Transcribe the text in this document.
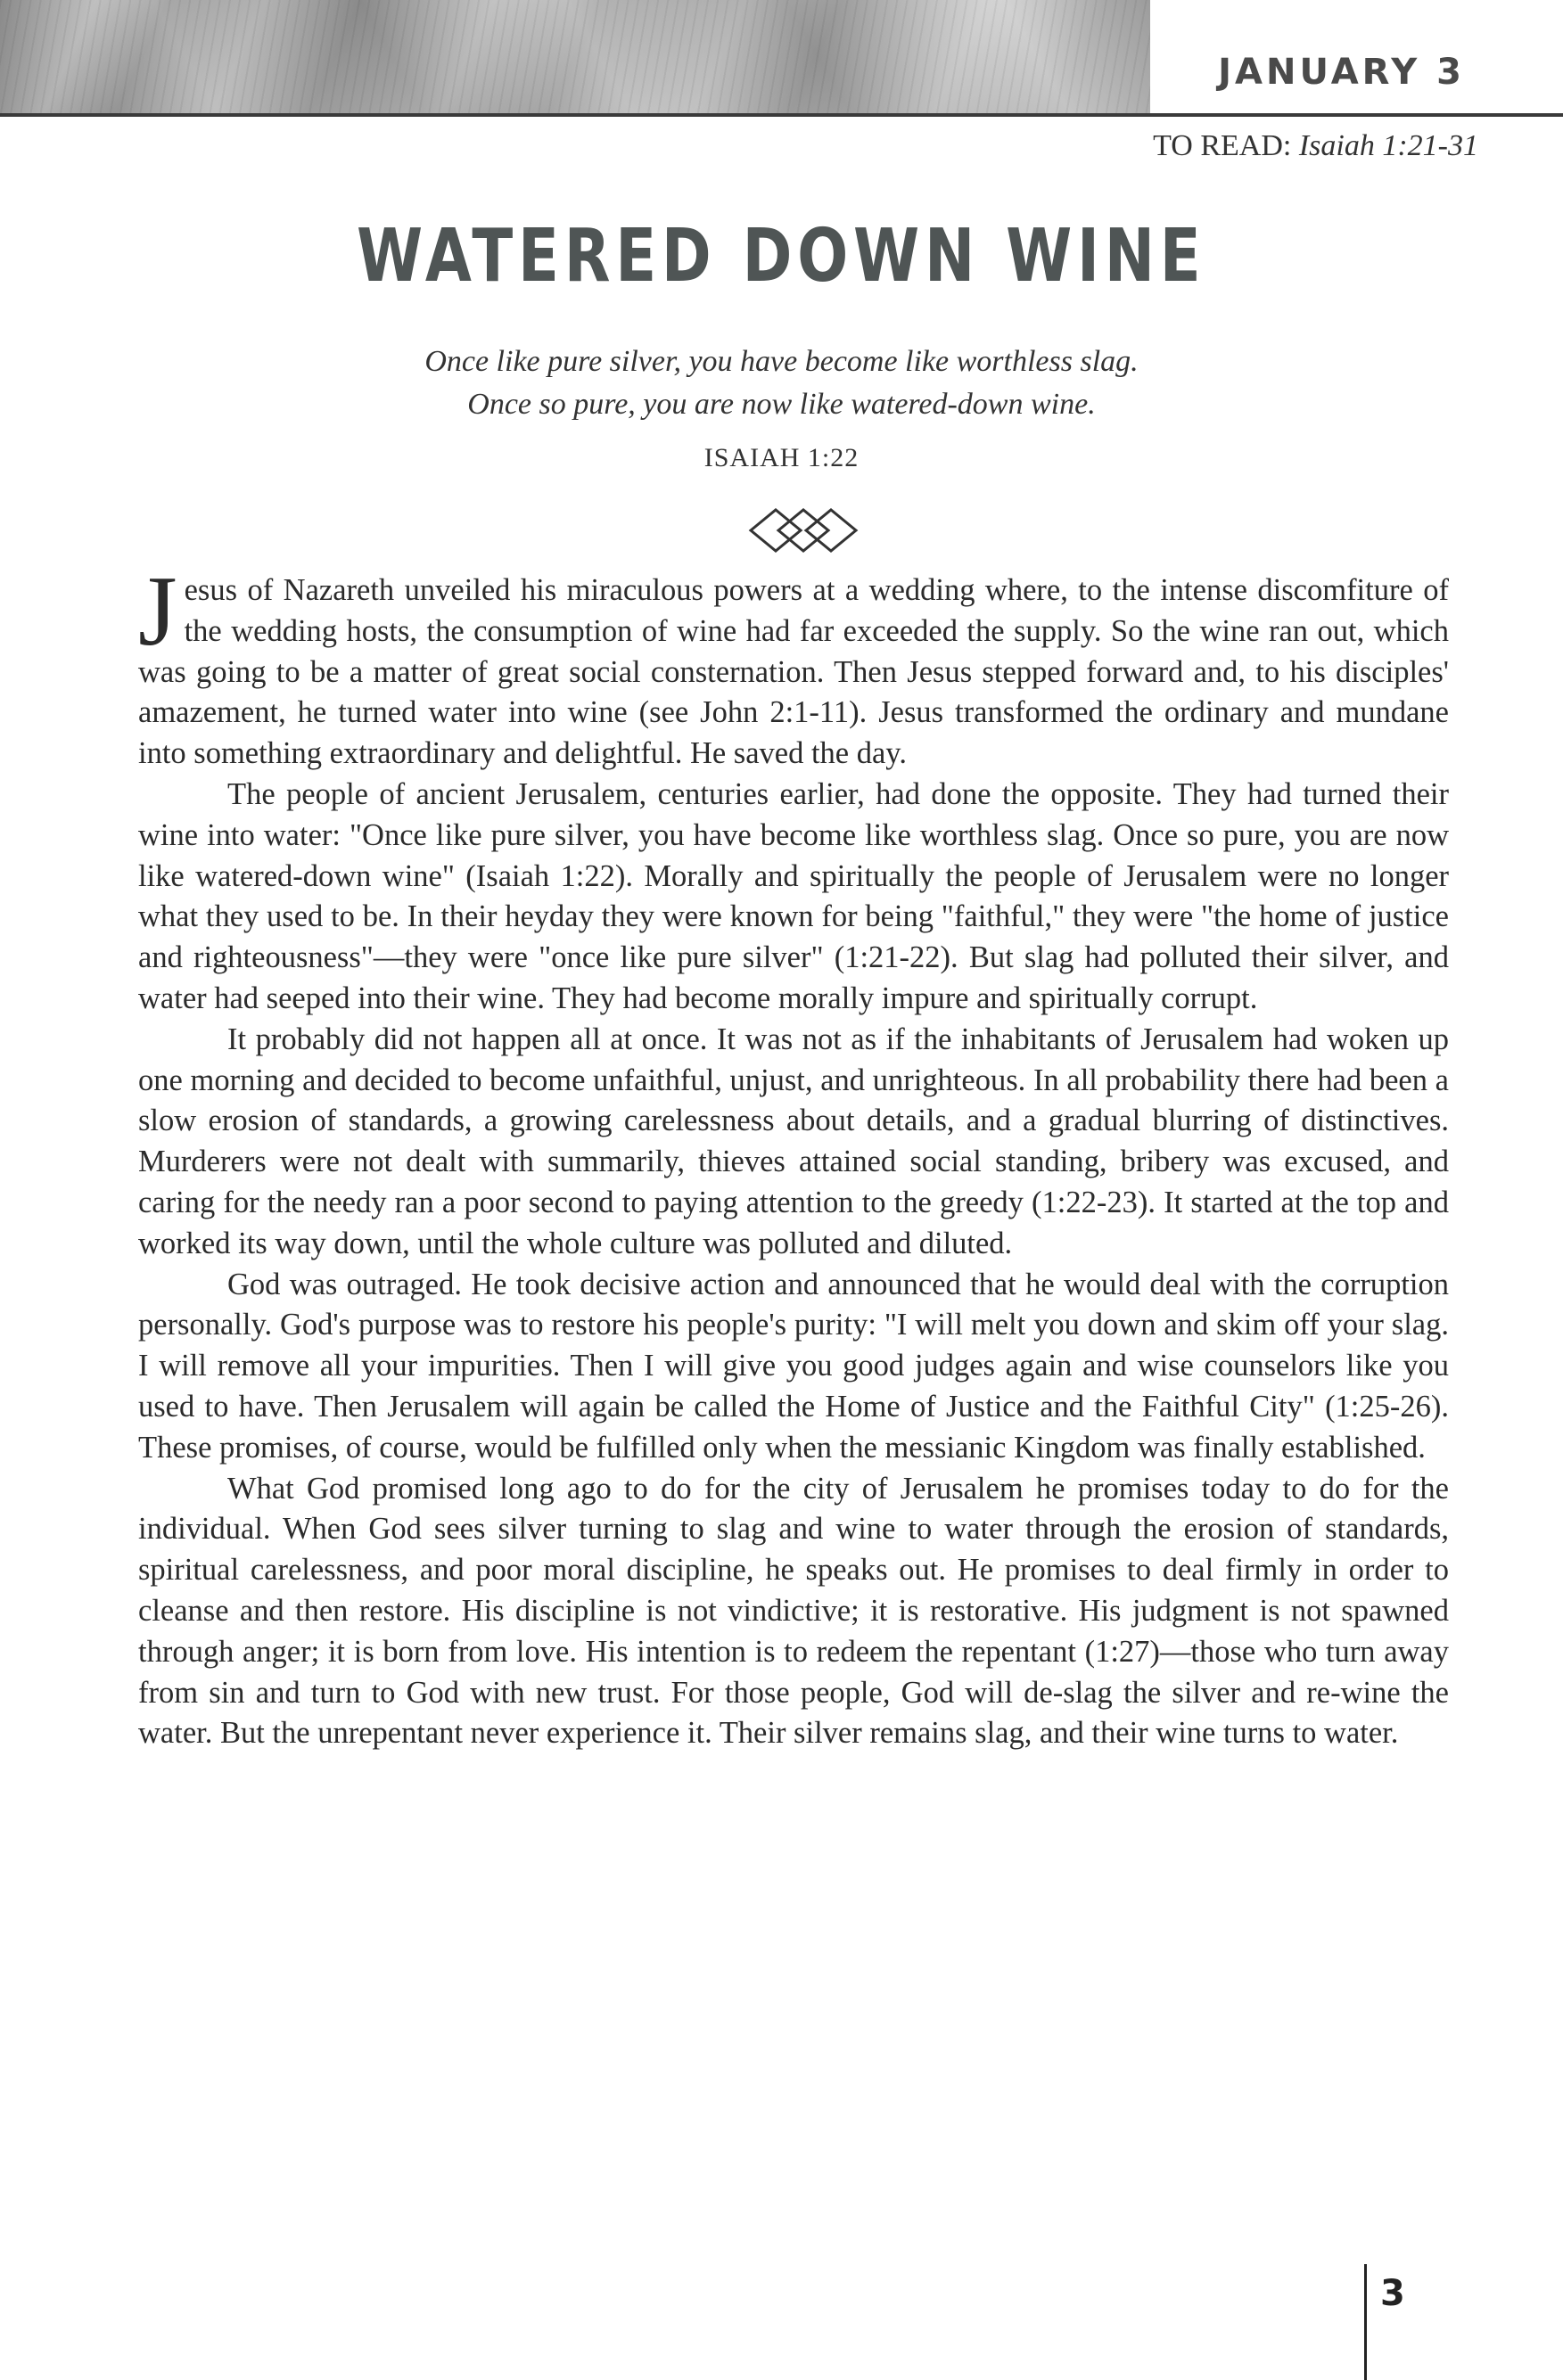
JANUARY 3
TO READ: Isaiah 1:21-31
WATERED DOWN WINE
Once like pure silver, you have become like worthless slag.
Once so pure, you are now like watered-down wine.
ISAIAH 1:22

Jesus of Nazareth unveiled his miraculous powers at a wedding where, to the intense discomfiture of the wedding hosts, the consumption of wine had far exceeded the supply. So the wine ran out, which was going to be a matter of great social consternation. Then Jesus stepped forward and, to his disciples' amazement, he turned water into wine (see John 2:1-11). Jesus transformed the ordinary and mundane into something extraordinary and delightful. He saved the day.

The people of ancient Jerusalem, centuries earlier, had done the opposite. They had turned their wine into water: "Once like pure silver, you have become like worthless slag. Once so pure, you are now like watered-down wine" (Isaiah 1:22). Morally and spiritually the people of Jerusalem were no longer what they used to be. In their heyday they were known for being "faithful," they were "the home of justice and righteousness"—they were "once like pure silver" (1:21-22). But slag had polluted their silver, and water had seeped into their wine. They had become morally impure and spiritually corrupt.

It probably did not happen all at once. It was not as if the inhabitants of Jerusalem had woken up one morning and decided to become unfaithful, unjust, and unrighteous. In all probability there had been a slow erosion of standards, a growing carelessness about details, and a gradual blurring of distinctives. Murderers were not dealt with summarily, thieves attained social standing, bribery was excused, and caring for the needy ran a poor second to paying attention to the greedy (1:22-23). It started at the top and worked its way down, until the whole culture was polluted and diluted.

God was outraged. He took decisive action and announced that he would deal with the corruption personally. God's purpose was to restore his people's purity: "I will melt you down and skim off your slag. I will remove all your impurities. Then I will give you good judges again and wise counselors like you used to have. Then Jerusalem will again be called the Home of Justice and the Faithful City" (1:25-26). These promises, of course, would be fulfilled only when the messianic Kingdom was finally established.

What God promised long ago to do for the city of Jerusalem he promises today to do for the individual. When God sees silver turning to slag and wine to water through the erosion of standards, spiritual carelessness, and poor moral discipline, he speaks out. He promises to deal firmly in order to cleanse and then restore. His discipline is not vindictive; it is restorative. His judgment is not spawned through anger; it is born from love. His intention is to redeem the repentant (1:27)—those who turn away from sin and turn to God with new trust. For those people, God will de-slag the silver and re-wine the water. But the unrepentant never experience it. Their silver remains slag, and their wine turns to water.

3
